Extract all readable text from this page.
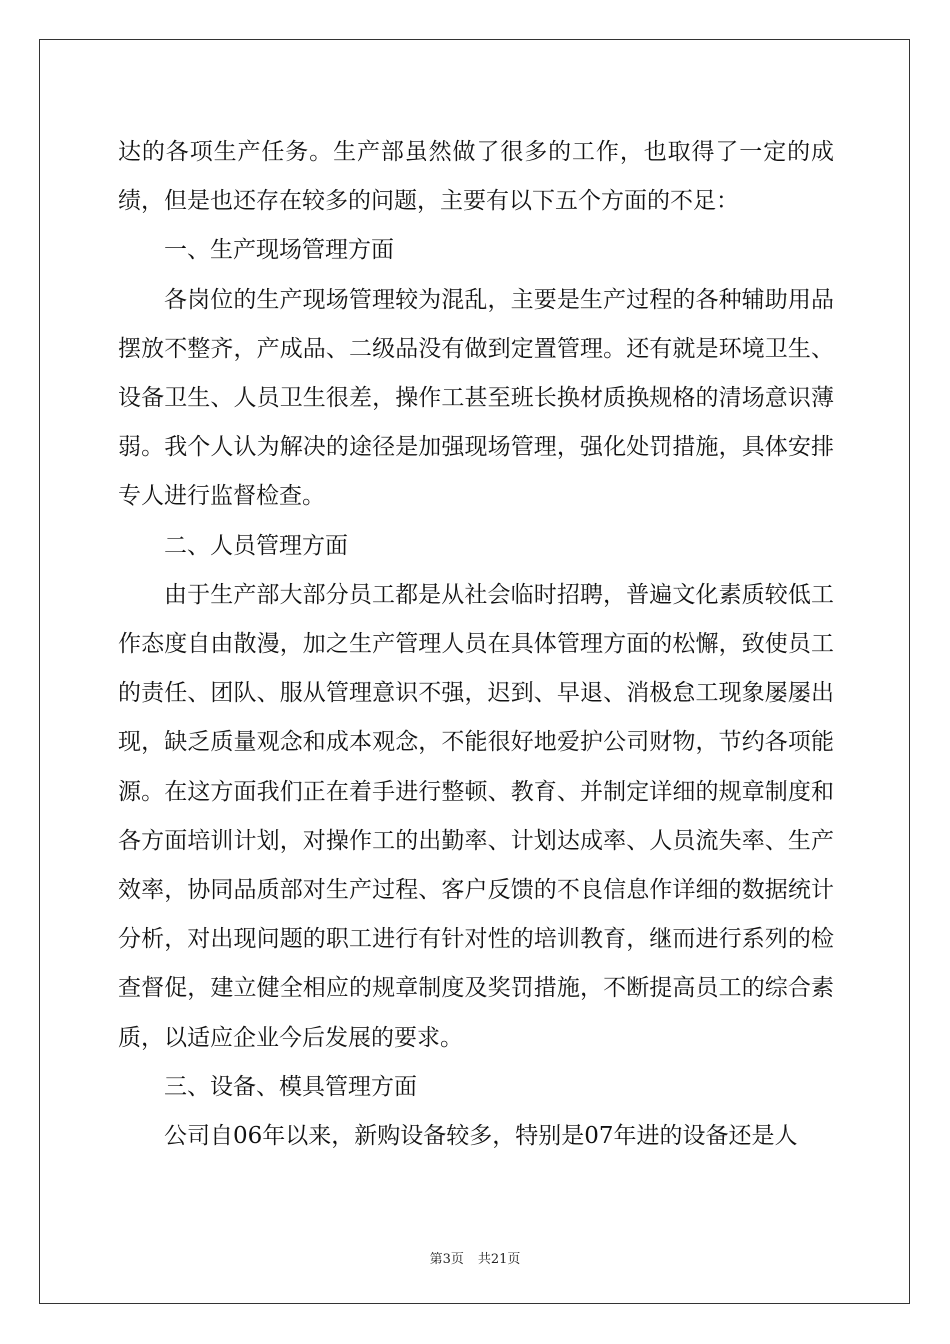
达的各项生产任务。生产部虽然做了很多的工作，也取得了一定的成绩，但是也还存在较多的问题，主要有以下五个方面的不足：

一、生产现场管理方面

各岗位的生产现场管理较为混乱，主要是生产过程的各种辅助用品摆放不整齐，产成品、二级品没有做到定置管理。还有就是环境卫生、设备卫生、人员卫生很差，操作工甚至班长换材质换规格的清场意识薄弱。我个人认为解决的途径是加强现场管理，强化处罚措施，具体安排专人进行监督检查。

二、人员管理方面

由于生产部大部分员工都是从社会临时招聘，普遍文化素质较低工作态度自由散漫，加之生产管理人员在具体管理方面的松懈，致使员工的责任、团队、服从管理意识不强，迟到、早退、消极怠工现象屡屡出现，缺乏质量观念和成本观念，不能很好地爱护公司财物，节约各项能源。在这方面我们正在着手进行整顿、教育、并制定详细的规章制度和各方面培训计划，对操作工的出勤率、计划达成率、人员流失率、生产效率，协同品质部对生产过程、客户反馈的不良信息作详细的数据统计分析，对出现问题的职工进行有针对性的培训教育，继而进行系列的检查督促，建立健全相应的规章制度及奖罚措施，不断提高员工的综合素质，以适应企业今后发展的要求。

三、设备、模具管理方面

公司自06年以来，新购设备较多，特别是07年进的设备还是人

第3页 共21页
